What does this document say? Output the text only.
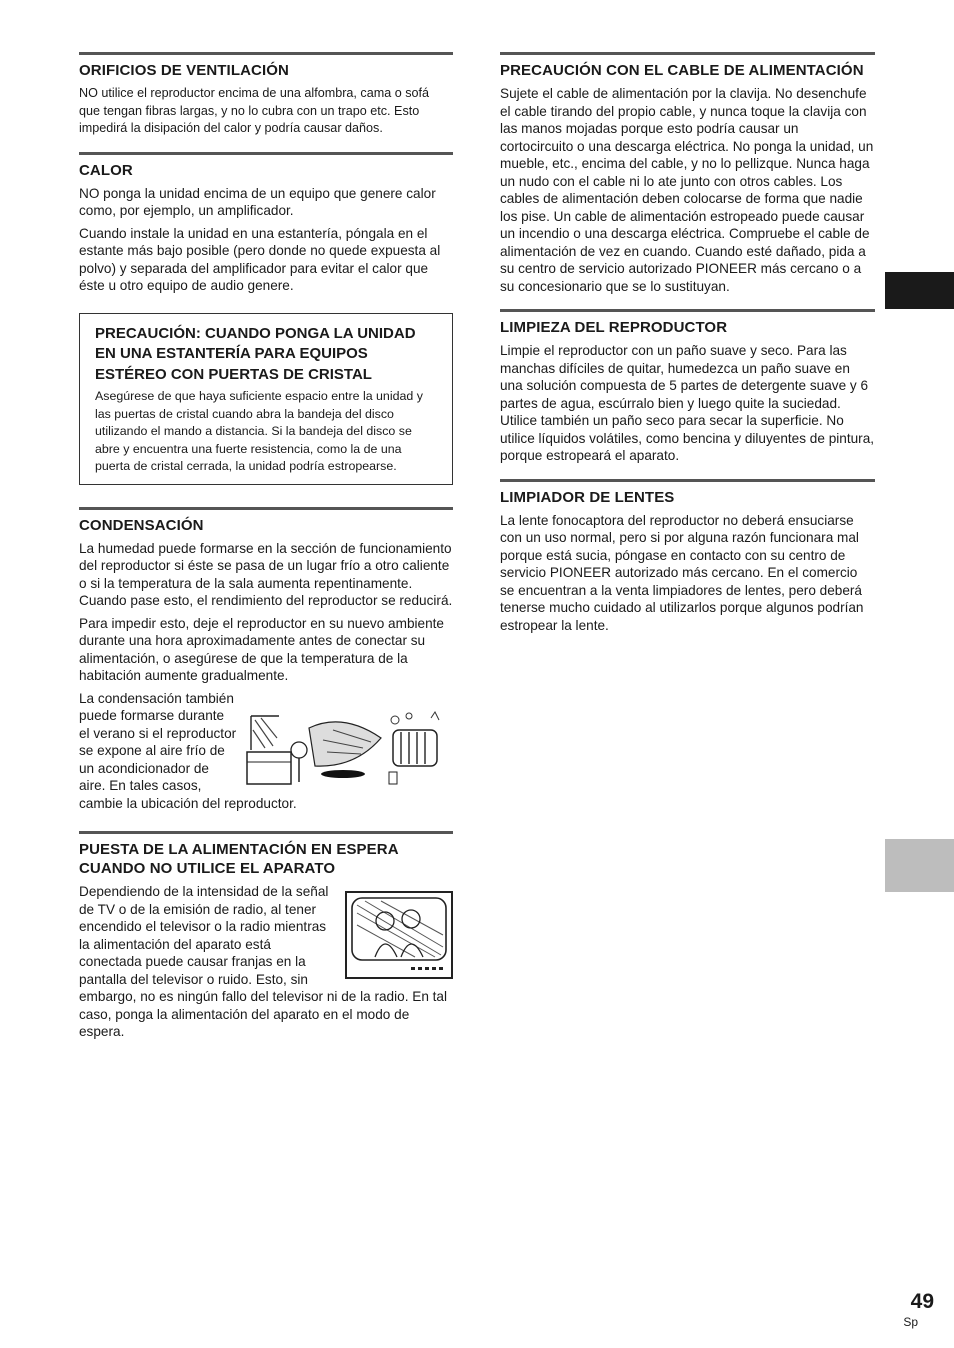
ORIFICIOS DE VENTILACIÓN

NO utilice el reproductor encima de una alfombra, cama o sofá que tengan fibras largas, y no lo cubra con un trapo etc. Esto impedirá la disipación del calor y podría causar daños.

CALOR

NO ponga la unidad encima de un equipo que genere calor como, por ejemplo, un amplificador.

Cuando instale la unidad en una estantería, póngala en el estante más bajo posible (pero donde no quede expuesta al polvo) y separada del amplificador para evitar el calor que éste u otro equipo de audio genere.

PRECAUCIÓN: CUANDO PONGA LA UNIDAD EN UNA ESTANTERÍA PARA EQUIPOS ESTÉREO CON PUERTAS DE CRISTAL

Asegúrese de que haya suficiente espacio entre la unidad y las puertas de cristal cuando abra la bandeja del disco utilizando el mando a distancia. Si la bandeja del disco se abre y encuentra una fuerte resistencia, como la de una puerta de cristal cerrada, la unidad podría estropearse.

CONDENSACIÓN

La humedad puede formarse en la sección de funcionamiento del reproductor si éste se pasa de un lugar frío a otro caliente o si la temperatura de la sala aumenta repentinamente. Cuando pase esto, el rendimiento del reproductor se reducirá.

Para impedir esto, deje el reproductor en su nuevo ambiente durante una hora aproximadamente antes de conectar su alimentación, o asegúrese de que la temperatura de la habitación aumente gradualmente.

La condensación también puede formarse durante el verano si el reproductor se expone al aire frío de un acondicionador de aire. En tales casos, cambie la ubicación del reproductor.

PUESTA DE LA ALIMENTACIÓN EN ESPERA CUANDO NO UTILICE EL APARATO

Dependiendo de la intensidad de la señal de TV o de la emisión de radio, al tener encendido el televisor o la radio mientras la alimentación del aparato está conectada puede causar franjas en la pantalla del televisor o ruido. Esto, sin embargo, no es ningún fallo del televisor ni de la radio. En tal caso, ponga la alimentación del aparato en el modo de espera.

PRECAUCIÓN CON EL CABLE DE ALIMENTACIÓN

Sujete el cable de alimentación por la clavija. No desenchufe el cable tirando del propio cable, y nunca toque la clavija con las manos mojadas porque esto podría causar un cortocircuito o una descarga eléctrica. No ponga la unidad, un mueble, etc., encima del cable, y no lo pellizque. Nunca haga un nudo con el cable ni lo ate junto con otros cables. Los cables de alimentación deben colocarse de forma que nadie los pise. Un cable de alimentación estropeado puede causar un incendio o una descarga eléctrica. Compruebe el cable de alimentación de vez en cuando. Cuando esté dañado, pida a su centro de servicio autorizado PIONEER más cercano o a su concesionario que se lo sustituyan.

LIMPIEZA DEL REPRODUCTOR

Limpie el reproductor con un paño suave y seco. Para las manchas difíciles de quitar, humedezca un paño suave en una solución compuesta de 5 partes de detergente suave y 6 partes de agua, escúrralo bien y luego quite la suciedad. Utilice también un paño seco para secar la superficie. No utilice líquidos volátiles, como bencina y diluyentes de pintura, porque estropeará el aparato.

LIMPIADOR DE LENTES

La lente fonocaptora del reproductor no deberá ensuciarse con un uso normal, pero si por alguna razón funcionara mal porque está sucia, póngase en contacto con su centro de servicio PIONEER autorizado más cercano. En el comercio se encuentran a la venta limpiadores de lentes, pero deberá tenerse mucho cuidado al utilizarlos porque algunos podrían estropear la lente.

49
Sp
